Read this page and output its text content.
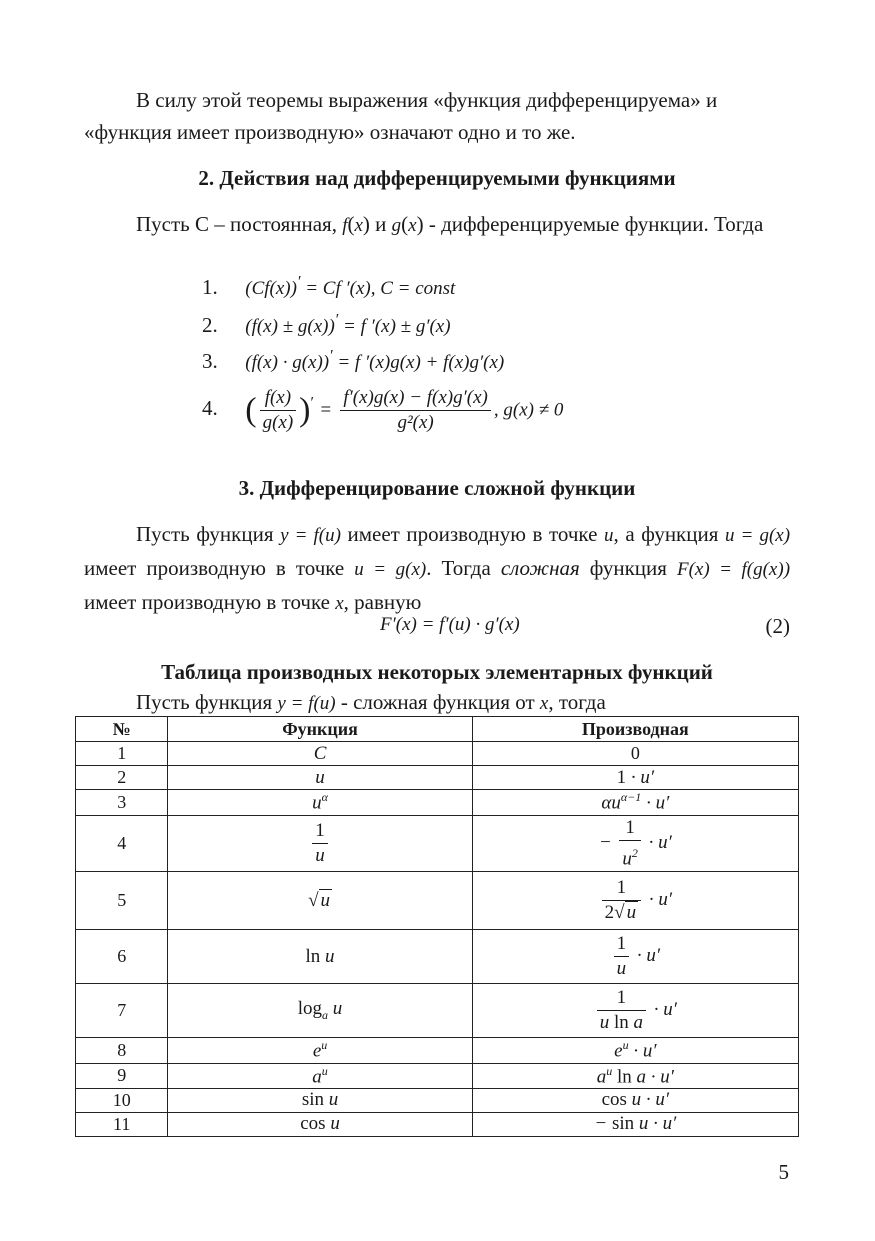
В силу этой теоремы выражения «функция дифференцируема» и
«функция имеет производную» означают одно и то же.

2. Действия над дифференцируемыми функциями

Пусть С – постоянная, f(x) и g(x) - дифференцируемые функции. Тогда

1. (Cf(x))′ = Cf ′(x), C = const
2. (f(x) ± g(x))′ = f ′(x) ± g′(x)
3. (f(x) · g(x))′ = f ′(x)g(x) + f(x)g′(x)
4. ( $\frac{f(x)}{g(x)} )' = \frac{f'(x)g(x) - f(x)g'(x)}{\text{g²(x)}}$ , g(x) ≠ 0
3. Дифференцирование сложной функции

Пусть функция y = f(u) имеет производную в точке u, а функция u = g(x) имеет производную в точке u = g(x). Тогда сложная функция F(x) = f(g(x)) имеет производную в точке x, равную

F′(x) = f′(u) · g′(x)	(2)
Таблица производных некоторых элементарных функций

Пусть функция y = f(u) - сложная функция от x, тогда

№	Функция	Производная
1	C	0
2	u	1 · u′
3	$u^\alpha$	$\alpha u^{\alpha-1} \cdot u'$
4	$\frac{1}{u}$	− $\frac{1}{u^2} \cdot u'$
5	√ u	$\frac{1}{2√ u} \cdot u'$
6	ln u	$\frac{1}{u} \cdot u'$
7	$\log_a u$	$\frac{1}{\text{u ln a}} \cdot u'$
8	$e^u$	$e^u \cdot u'$
9	$a^u$	$a^u$ ln a · u′
10	sin u	cos u · u′
11	cos u	− sin u · u′
5
